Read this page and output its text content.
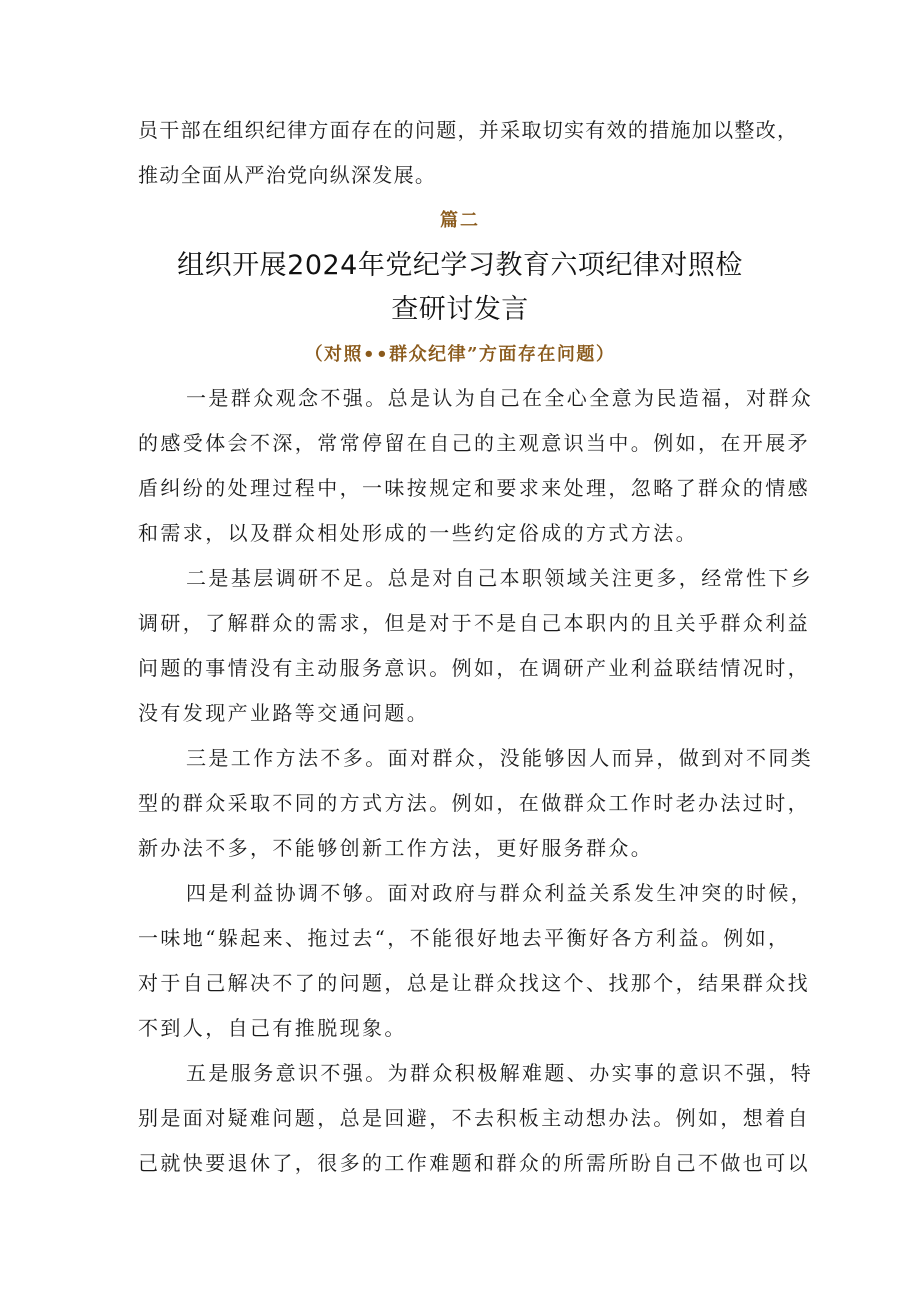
员干部在组织纪律方面存在的问题，并采取切实有效的措施加以整改，
推动全面从严治党向纵深发展。
篇二
组织开展2024年党纪学习教育六项纪律对照检
查研讨发言
（对照••群众纪律”方面存在问题）
一是群众观念不强。总是认为自己在全心全意为民造福，对群众
的感受体会不深，常常停留在自己的主观意识当中。例如，在开展矛
盾纠纷的处理过程中，一味按规定和要求来处理，忽略了群众的情感
和需求，以及群众相处形成的一些约定俗成的方式方法。
二是基层调研不足。总是对自己本职领域关注更多，经常性下乡
调研，了解群众的需求，但是对于不是自己本职内的且关乎群众利益
问题的事情没有主动服务意识。例如，在调研产业利益联结情况时，
没有发现产业路等交通问题。
三是工作方法不多。面对群众，没能够因人而异，做到对不同类
型的群众采取不同的方式方法。例如，在做群众工作时老办法过时，
新办法不多，不能够创新工作方法，更好服务群众。
四是利益协调不够。面对政府与群众利益关系发生冲突的时候，
一味地“躲起来、拖过去“，不能很好地去平衡好各方利益。例如，
对于自己解决不了的问题，总是让群众找这个、找那个，结果群众找
不到人，自己有推脱现象。
五是服务意识不强。为群众积极解难题、办实事的意识不强，特
别是面对疑难问题，总是回避，不去积板主动想办法。例如，想着自
己就快要退休了，很多的工作难题和群众的所需所盼自己不做也可以
